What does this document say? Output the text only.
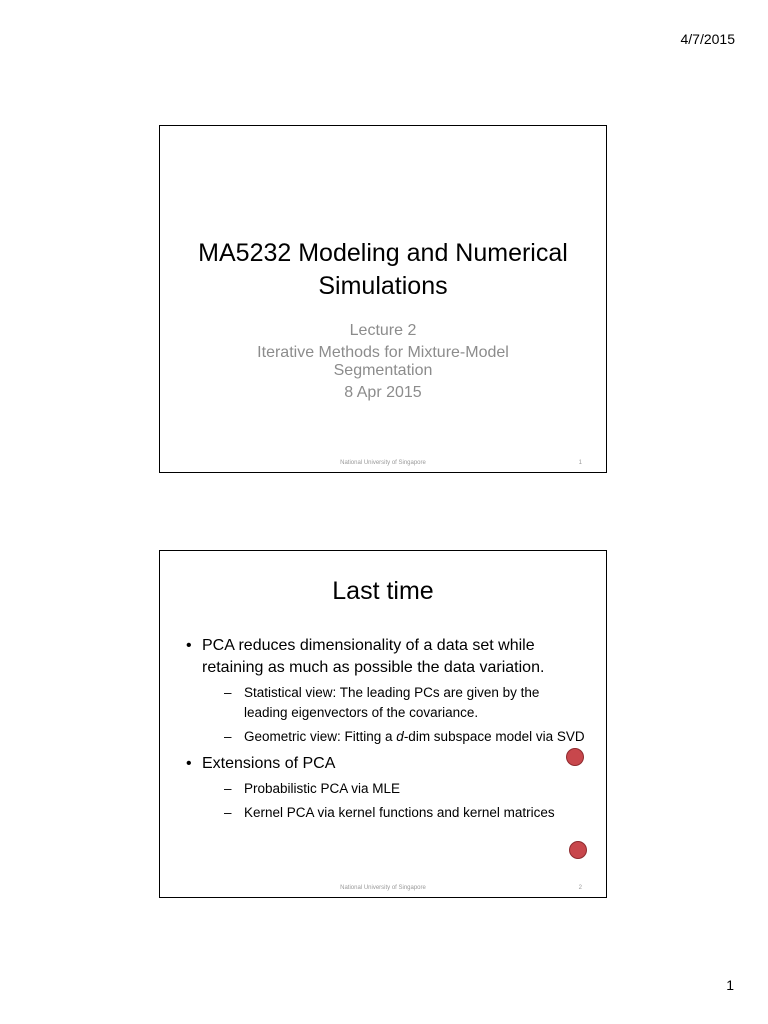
4/7/2015
MA5232 Modeling and Numerical
Simulations
Lecture 2
Iterative Methods for Mixture-Model
Segmentation
8 Apr 2015
National University of Singapore	1
Last time
• PCA reduces dimensionality of a data set while retaining as much as possible the data variation.
– Statistical view: The leading PCs are given by the leading eigenvectors of the covariance.
– Geometric view: Fitting a d-dim subspace model via SVD
• Extensions of PCA
– Probabilistic PCA via MLE
– Kernel PCA via kernel functions and kernel matrices
National University of Singapore	2
1
